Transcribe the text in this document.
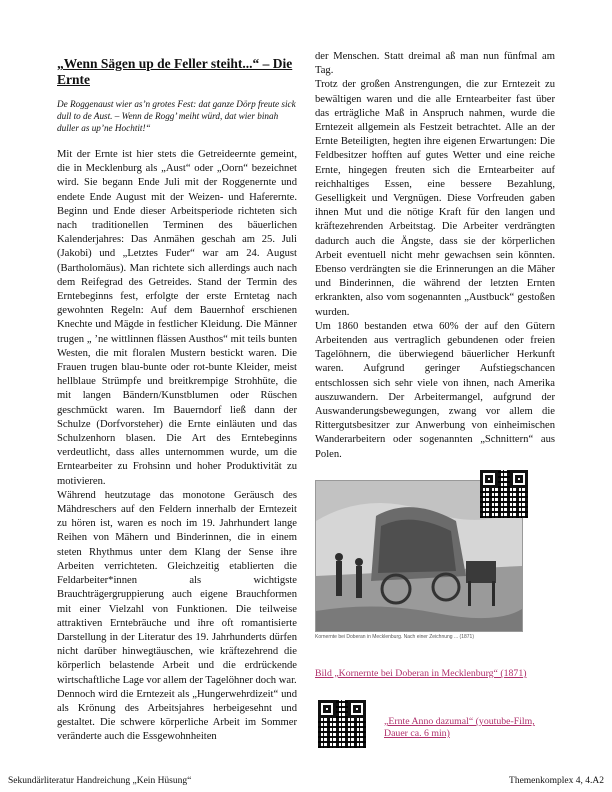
„Wenn Sägen up de Feller steiht...“ – Die Ernte

De Roggenaust wier as’n grotes Fest: dat ganze Dörp freute sick dull to de Aust. – Wenn de Rogg’ meiht würd, dat wier binah duller as up’ne Hochtit!“

Mit der Ernte ist hier stets die Getreideernte gemeint, die in Mecklenburg als „Aust“ oder „Oorn“ bezeichnet wird. Sie begann Ende Juli mit der Roggenernte und endete Ende August mit der Weizen- und Haferernte. Beginn und Ende dieser Arbeitsperiode richteten sich nach traditionellen Terminen des bäuerlichen Kalenderjahres: Das Anmähen geschah am 25. Juli (Jakobi) und „Letztes Fuder“ war am 24. August (Bartholomäus). Man richtete sich allerdings auch nach dem Reifegrad des Getreides. Stand der Termin des Erntebeginns fest, erfolgte der erste Erntetag nach gewohnten Regeln: Auf dem Bauernhof erschienen Knechte und Mägde in festlicher Kleidung. Die Männer trugen „ ’ne wittlinnen flässen Austhos“ mit teils bunten Westen, die mit floralen Mustern bestickt waren. Die Frauen trugen blau-bunte oder rot-bunte Kleider, meist hellblaue Strümpfe und breitkrempige Strohhüte, die mit langen Bändern/Kunstblumen oder Rüschen geschmückt waren. Im Bauerndorf ließ dann der Schulze (Dorfvorsteher) die Ernte einläuten und das Schulzenhorn blasen. Die Art des Erntebeginns verdeutlicht, dass alles unternommen wurde, um die Erntearbeiter zu Frohsinn und hoher Produktivität zu motivieren.

Während heutzutage das monotone Geräusch des Mähdreschers auf den Feldern innerhalb der Erntezeit zu hören ist, waren es noch im 19. Jahrhundert lange Reihen von Mähern und Binderinnen, die in einem steten Rhythmus unter dem Klang der Sense ihre Arbeiten verrichteten. Gleichzeitig etablierten die Feldarbeiter*innen als wichtigste Brauchträgergruppierung auch eigene Brauchformen mit einer Vielzahl von Funktionen. Die teilweise attraktiven Erntebräuche und ihre oft romantisierte Darstellung in der Literatur des 19. Jahrhunderts dürfen nicht darüber hinwegtäuschen, wie kräftezehrend die körperlich belastende Arbeit und die erdrückende wirtschaftliche Lage vor allem der Tagelöhner doch war.

Dennoch wird die Erntezeit als „Hungerwehrdizeit“ und als Krönung des Arbeitsjahres herbeigesehnt und gestaltet. Die schwere körperliche Arbeit im Sommer veränderte auch die Essgewohnheiten

der Menschen. Statt dreimal aß man nun fünfmal am Tag.

Trotz der großen Anstrengungen, die zur Erntezeit zu bewältigen waren und die alle Erntearbeiter fast über das erträgliche Maß in Anspruch nahmen, wurde die Erntezeit allgemein als Festzeit betrachtet. Alle an der Ernte Beteiligten, hegten ihre eigenen Erwartungen: Die Feldbesitzer hofften auf gutes Wetter und eine reiche Ernte, hingegen freuten sich die Erntearbeiter auf reichhaltiges Essen, eine bessere Bezahlung, Geselligkeit und Vergnügen. Diese Vorfreuden gaben ihnen Mut und die nötige Kraft für den langen und kräftezehrenden Arbeitstag. Die Arbeiter verdrängten dadurch auch die Ängste, dass sie der körperlichen Arbeit eventuell nicht mehr gewachsen sein könnten. Ebenso verdrängten sie die Erinnerungen an die Mäher und Binderinnen, die während der letzten Ernten erkrankten, also vom sogenannten „Austbuck“ gestoßen wurden.

Um 1860 bestanden etwa 60% der auf den Gütern Arbeitenden aus vertraglich gebundenen oder freien Tagelöhnern, die überwiegend bäuerlicher Herkunft waren. Aufgrund geringer Aufstiegschancen entschlossen sich sehr viele von ihnen, nach Amerika auszuwandern. Der Arbeitermangel, aufgrund der Auswanderungsbewegungen, zwang vor allem die Rittergutsbesitzer zur Anwerbung von einheimischen Wanderarbeitern oder sogenannten „Schnittern“ aus Polen.

Kornernte bei Doberan in Mecklenburg. Nach einer Zeichnung ... (1871)
Bild „Kornernte bei Doberan in Mecklenburg“ (1871)
„Ernte Anno dazumal“ (youtube-Film, Dauer ca. 6 min)
Sekundärliteratur Handreichung „Kein Hüsung“	Themenkomplex 4, 4.A2
